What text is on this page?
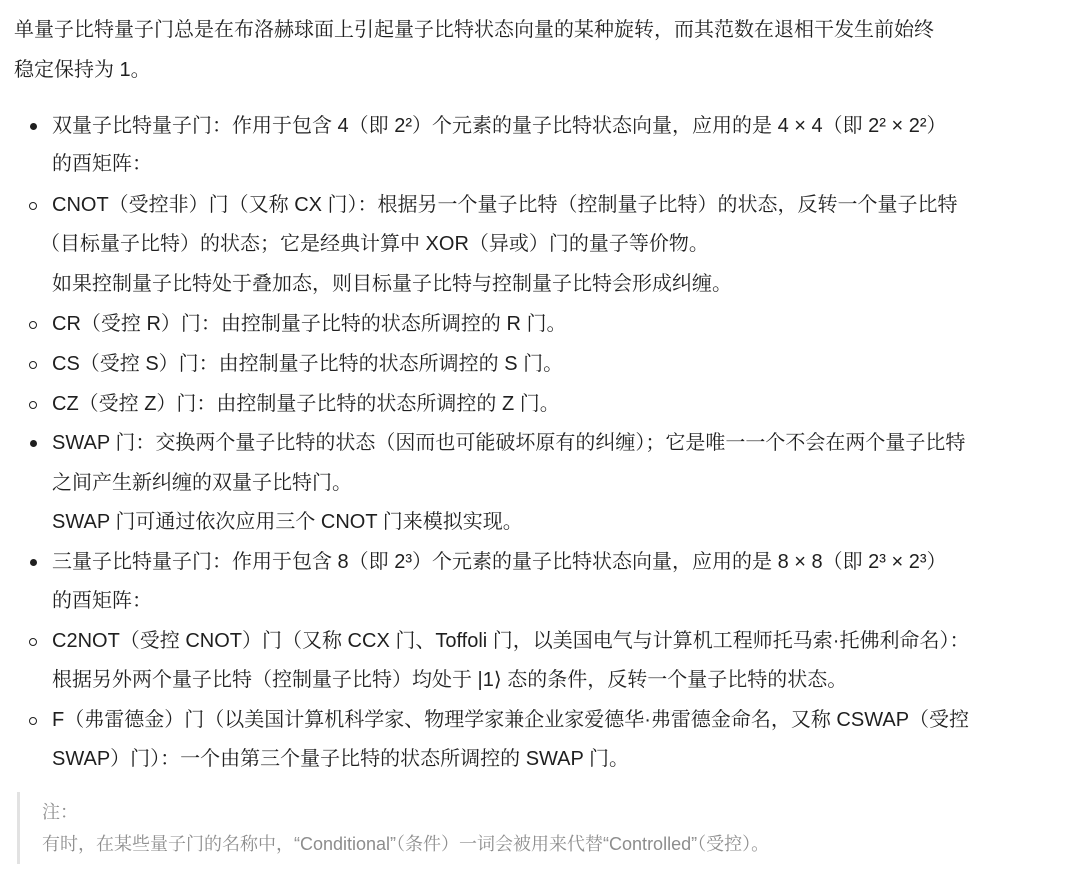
单量子比特量子门总是在布洛赫球面上引起量子比特状态向量的某种旋转，而其范数在退相干发生前始终
稳定保持为 1。
双量子比特量子门：作用于包含 4（即 2²）个元素的量子比特状态向量，应用的是 4 × 4（即 2² × 2²）
的酉矩阵：
CNOT（受控非）门（又称 CX 门）：根据另一个量子比特（控制量子比特）的状态，反转一个量子比特
（目标量子比特）的状态；它是经典计算中 XOR（异或）门的量子等价物。
如果控制量子比特处于叠加态，则目标量子比特与控制量子比特会形成纠缠。
CR（受控 R）门：由控制量子比特的状态所调控的 R 门。
CS（受控 S）门：由控制量子比特的状态所调控的 S 门。
CZ（受控 Z）门：由控制量子比特的状态所调控的 Z 门。
SWAP 门：交换两个量子比特的状态（因而也可能破坏原有的纠缠）；它是唯一一个不会在两个量子比特
之间产生新纠缠的双量子比特门。
SWAP 门可通过依次应用三个 CNOT 门来模拟实现。
三量子比特量子门：作用于包含 8（即 2³）个元素的量子比特状态向量，应用的是 8 × 8（即 2³ × 2³）
的酉矩阵：
C2NOT（受控 CNOT）门（又称 CCX 门、Toffoli 门，以美国电气与计算机工程师托马索·托佛利命名）：
根据另外两个量子比特（控制量子比特）均处于 |1⟩ 态的条件，反转一个量子比特的状态。
F（弗雷德金）门（以美国计算机科学家、物理学家兼企业家爱德华·弗雷德金命名，又称 CSWAP（受控
SWAP）门）：一个由第三个量子比特的状态所调控的 SWAP 门。
注：
有时，在某些量子门的名称中，“Conditional”（条件）一词会被用来代替“Controlled”（受控）。
